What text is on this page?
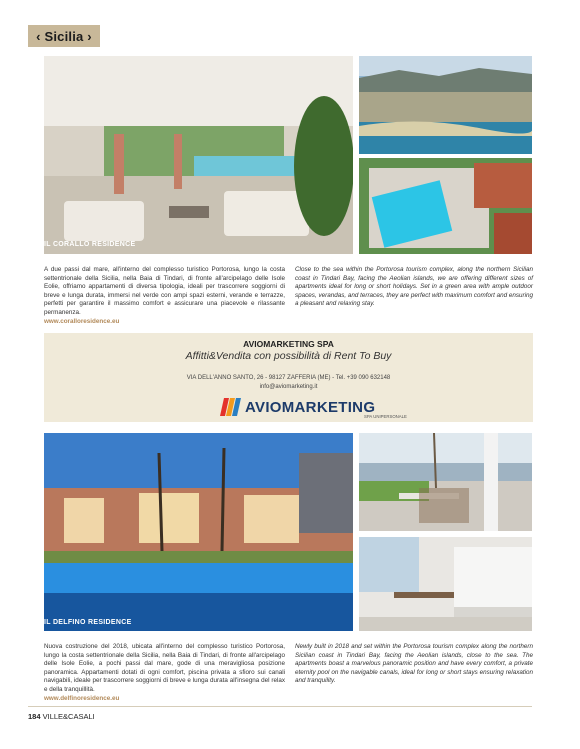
‹ Sicilia ›
IL CORALLO RESIDENCE
A due passi dal mare, all'interno del complesso turistico Portorosa, lungo la costa settentrionale della Sicilia, nella Baia di Tindari, di fronte all'arcipelago delle Isole Eolie, offriamo appartamenti di diversa tipologia, ideali per trascorrere soggiorni di breve e lunga durata, immersi nel verde con ampi spazi esterni, verande e terrazze, perfetti per garantire il massimo comfort e assicurare una piacevole e rilassante permanenza.
www.coralloresidence.eu
Close to the sea within the Portorosa tourism complex, along the northern Sicilian coast in Tindari Bay, facing the Aeolian islands, we are offering different sizes of apartments ideal for long or short holidays. Set in a green area with ample outdoor spaces, verandas, and terraces, they are perfect with maximum comfort and ensuring a pleasant and relaxing stay.
AVIOMARKETING SPA
Affitti&Vendita con possibilità di Rent To Buy
VIA DELL'ANNO SANTO, 26 - 98127 ZAFFERIA (ME) - Tel. +39 090 632148
info@aviomarketing.it
AVIOMARKETING
SPA UNIPERSONALE
IL DELFINO RESIDENCE
Nuova costruzione del 2018, ubicata all'interno del complesso turistico Portorosa, lungo la costa settentrionale della Sicilia, nella Baia di Tindari, di fronte all'arcipelago delle Isole Eolie, a pochi passi dal mare, gode di una meravigliosa posizione panoramica. Appartamenti dotati di ogni comfort, piscina privata a sfioro sui canali navigabili, ideale per trascorrere soggiorni di breve e lunga durata all'insegna del relax e della tranquillità.
www.delfinoresidence.eu
Newly built in 2018 and set within the Portorosa tourism complex along the northern Sicilian coast in Tindari Bay, facing the Aeolian islands, close to the sea. The apartments boast a marvelous panoramic position and have every comfort, a private eternity pool on the navigable canals, ideal for long or short stays ensuring relaxation and tranquility.
184 VILLE&CASALI
